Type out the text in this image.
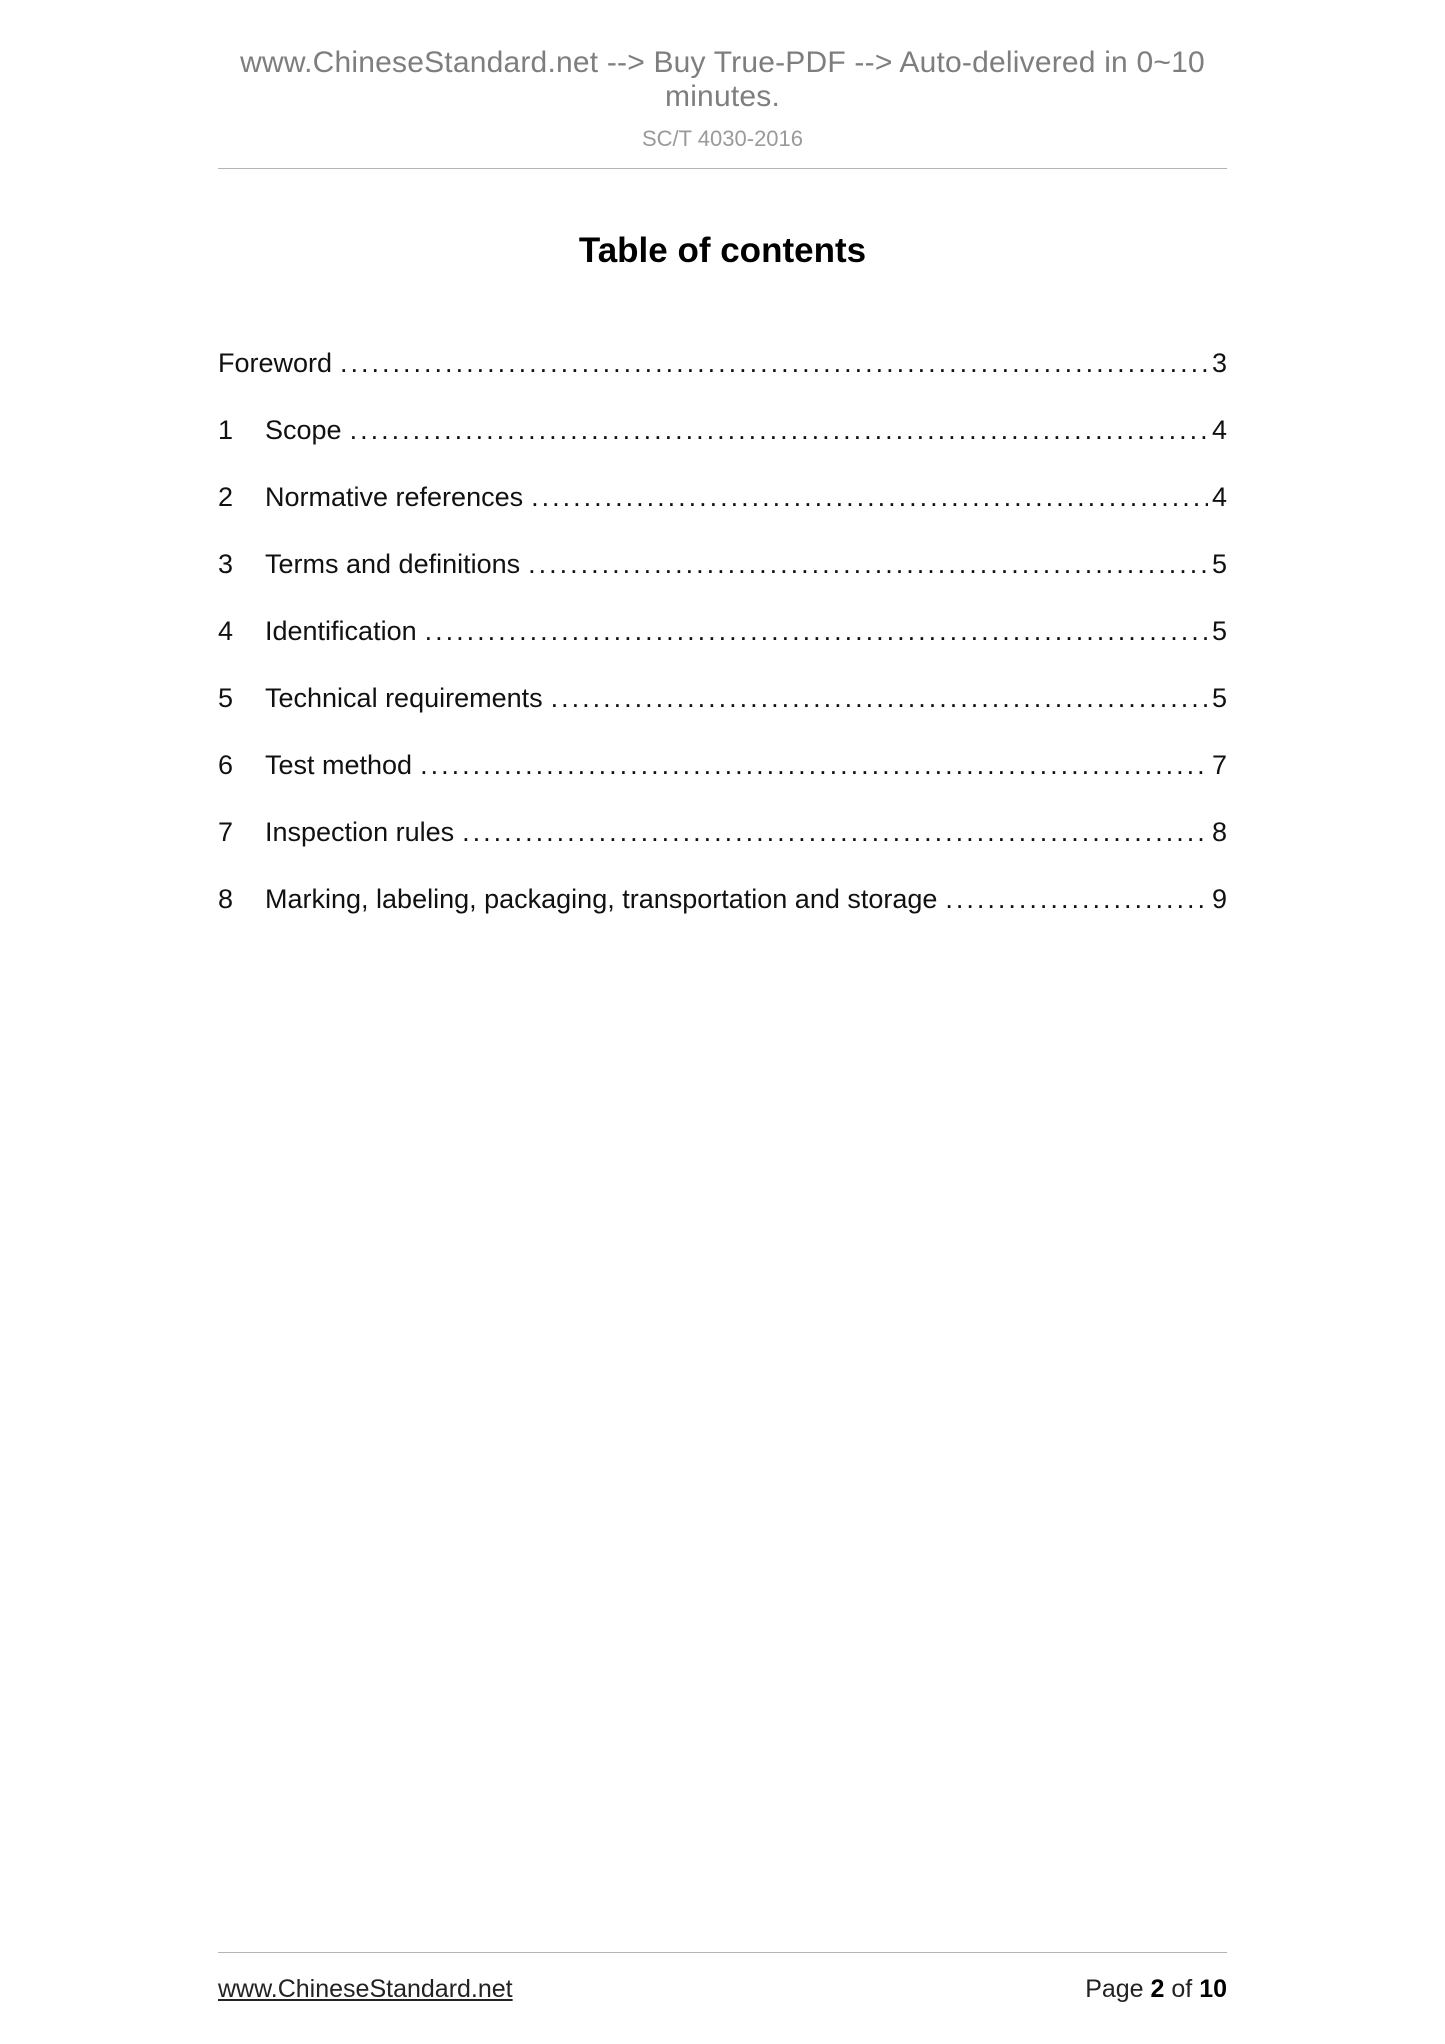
www.ChineseStandard.net --> Buy True-PDF --> Auto-delivered in 0~10 minutes.
SC/T 4030-2016
Table of contents
Foreword .....	3
1	Scope .....	4
2	Normative references .....	4
3	Terms and definitions .....	5
4	Identification .....	5
5	Technical requirements .....	5
6	Test method .....	7
7	Inspection rules .....	8
8	Marking, labeling, packaging, transportation and storage .....	9
www.ChineseStandard.net	Page 2 of 10
